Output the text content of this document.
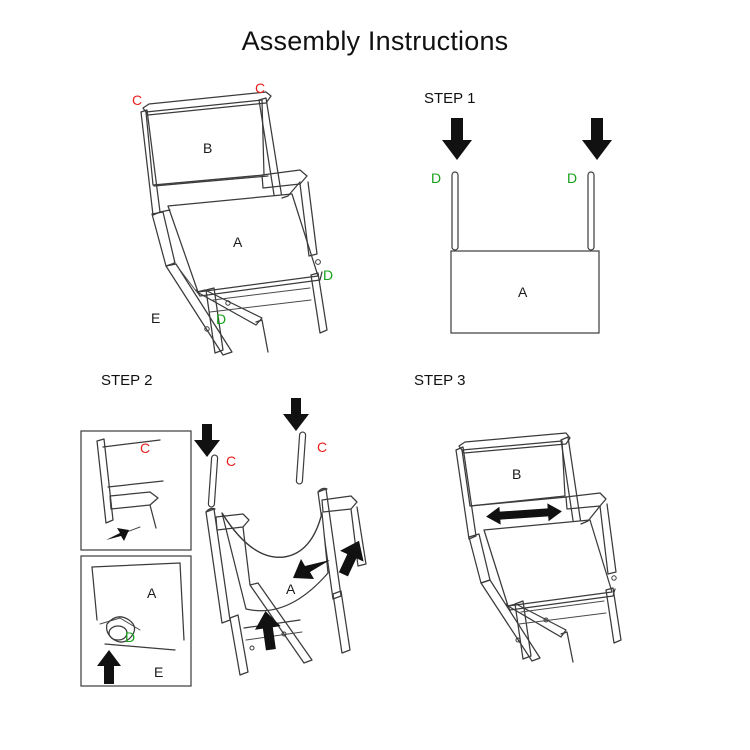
Assembly Instructions
STEP 1
STEP 2	STEP 3
C
C
B
A
D
D
E
D	D
A
C
C
C
A
A
D
E
B
